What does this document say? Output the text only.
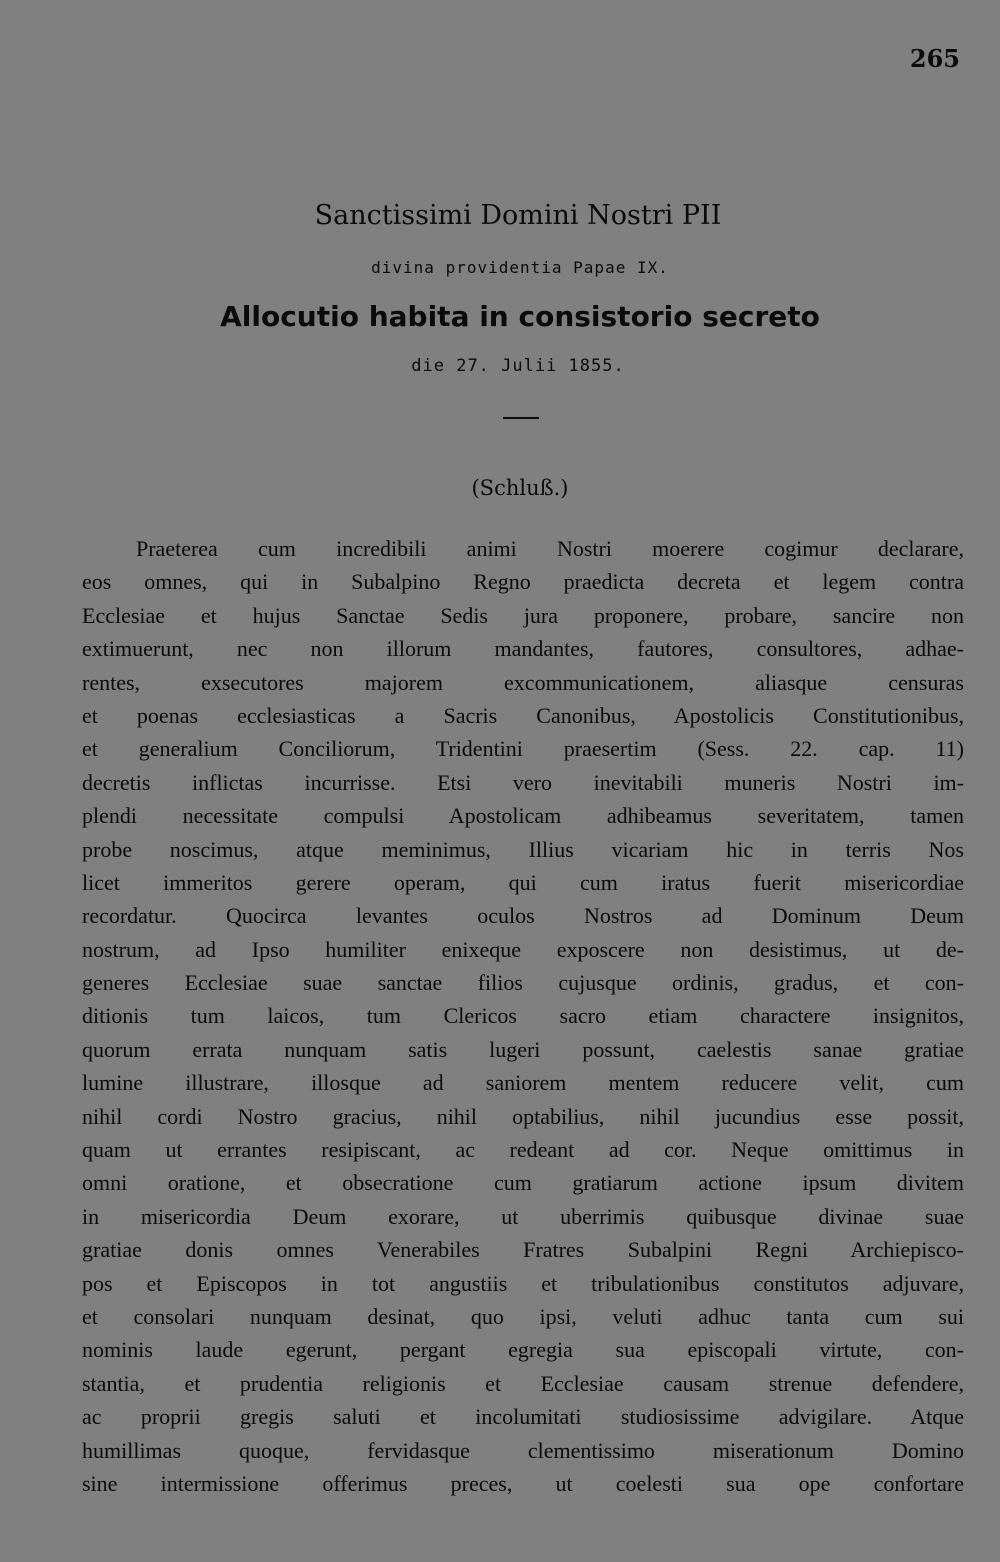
265
Sanctissimi Domini Nostri PII
divina providentia Papae IX.
Allocutio habita in consistorio secreto
die 27. Julii 1855.
(Schluß.)
Praeterea cum incredibili animi Nostri moerere cogimur declarare,
eos omnes, qui in Subalpino Regno praedicta decreta et legem contra
Ecclesiae et hujus Sanctae Sedis jura proponere, probare, sancire non
extimuerunt, nec non illorum mandantes, fautores, consultores, adhae-
rentes, exsecutores majorem excommunicationem, aliasque censuras
et poenas ecclesiasticas a Sacris Canonibus, Apostolicis Constitutionibus,
et generalium Conciliorum, Tridentini praesertim (Sess. 22. cap. 11)
decretis inflictas incurrisse. Etsi vero inevitabili muneris Nostri im-
plendi necessitate compulsi Apostolicam adhibeamus severitatem, tamen
probe noscimus, atque meminimus, Illius vicariam hic in terris Nos
licet immeritos gerere operam, qui cum iratus fuerit misericordiae
recordatur. Quocirca levantes oculos Nostros ad Dominum Deum
nostrum, ad Ipso humiliter enixeque exposcere non desistimus, ut de-
generes Ecclesiae suae sanctae filios cujusque ordinis, gradus, et con-
ditionis tum laicos, tum Clericos sacro etiam charactere insignitos,
quorum errata nunquam satis lugeri possunt, caelestis sanae gratiae
lumine illustrare, illosque ad saniorem mentem reducere velit, cum
nihil cordi Nostro gracius, nihil optabilius, nihil jucundius esse possit,
quam ut errantes resipiscant, ac redeant ad cor. Neque omittimus in
omni oratione, et obsecratione cum gratiarum actione ipsum divitem
in misericordia Deum exorare, ut uberrimis quibusque divinae suae
gratiae donis omnes Venerabiles Fratres Subalpini Regni Archiepisco-
pos et Episcopos in tot angustiis et tribulationibus constitutos adjuvare,
et consolari nunquam desinat, quo ipsi, veluti adhuc tanta cum sui
nominis laude egerunt, pergant egregia sua episcopali virtute, con-
stantia, et prudentia religionis et Ecclesiae causam strenue defendere,
ac proprii gregis saluti et incolumitati studiosissime advigilare. Atque
humillimas quoque, fervidasque clementissimo miserationum Domino
sine intermissione offerimus preces, ut coelesti sua ope confortare
